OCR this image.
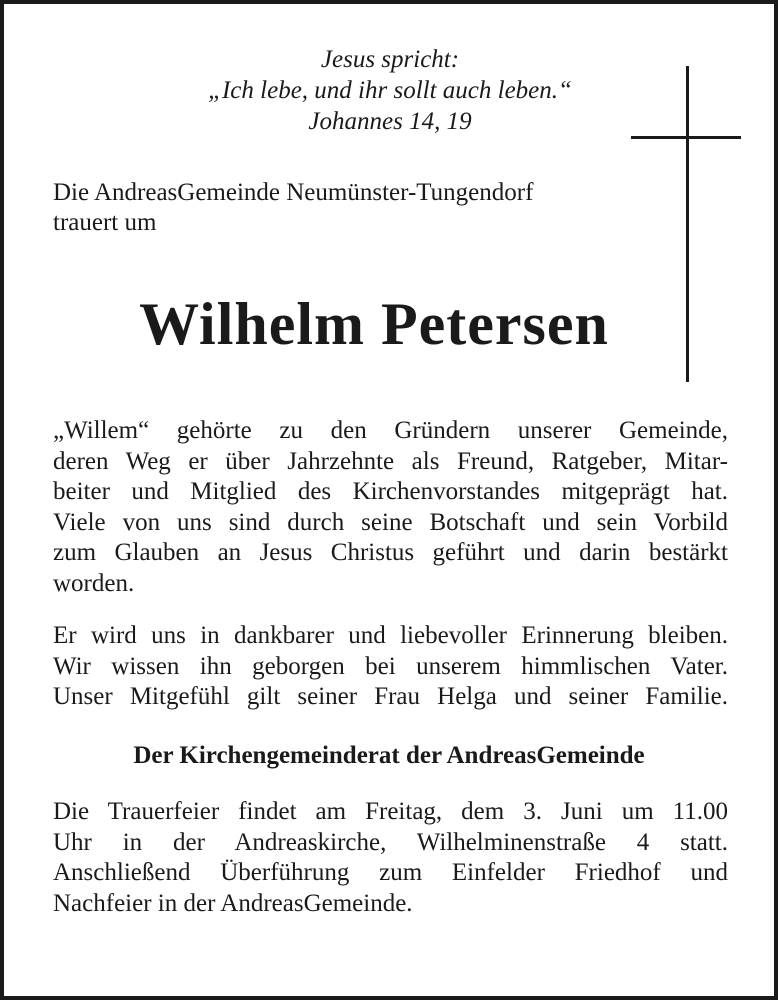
Jesus spricht:
„Ich lebe, und ihr sollt auch leben.“
Johannes 14, 19
Die AndreasGemeinde Neumünster-Tungendorf
trauert um
Wilhelm Petersen
„Willem“ gehörte zu den Gründern unserer Gemeinde,
deren Weg er über Jahrzehnte als Freund, Ratgeber, Mitar-
beiter und Mitglied des Kirchenvorstandes mitgeprägt hat.
Viele von uns sind durch seine Botschaft und sein Vorbild
zum Glauben an Jesus Christus geführt und darin bestärkt
worden.
Er wird uns in dankbarer und liebevoller Erinnerung bleiben.
Wir wissen ihn geborgen bei unserem himmlischen Vater.
Unser Mitgefühl gilt seiner Frau Helga und seiner Familie.
Der Kirchengemeinderat der AndreasGemeinde
Die Trauerfeier findet am Freitag, dem 3. Juni um 11.00
Uhr in der Andreaskirche, Wilhelminenstraße 4 statt.
Anschließend Überführung zum Einfelder Friedhof und
Nachfeier in der AndreasGemeinde.
